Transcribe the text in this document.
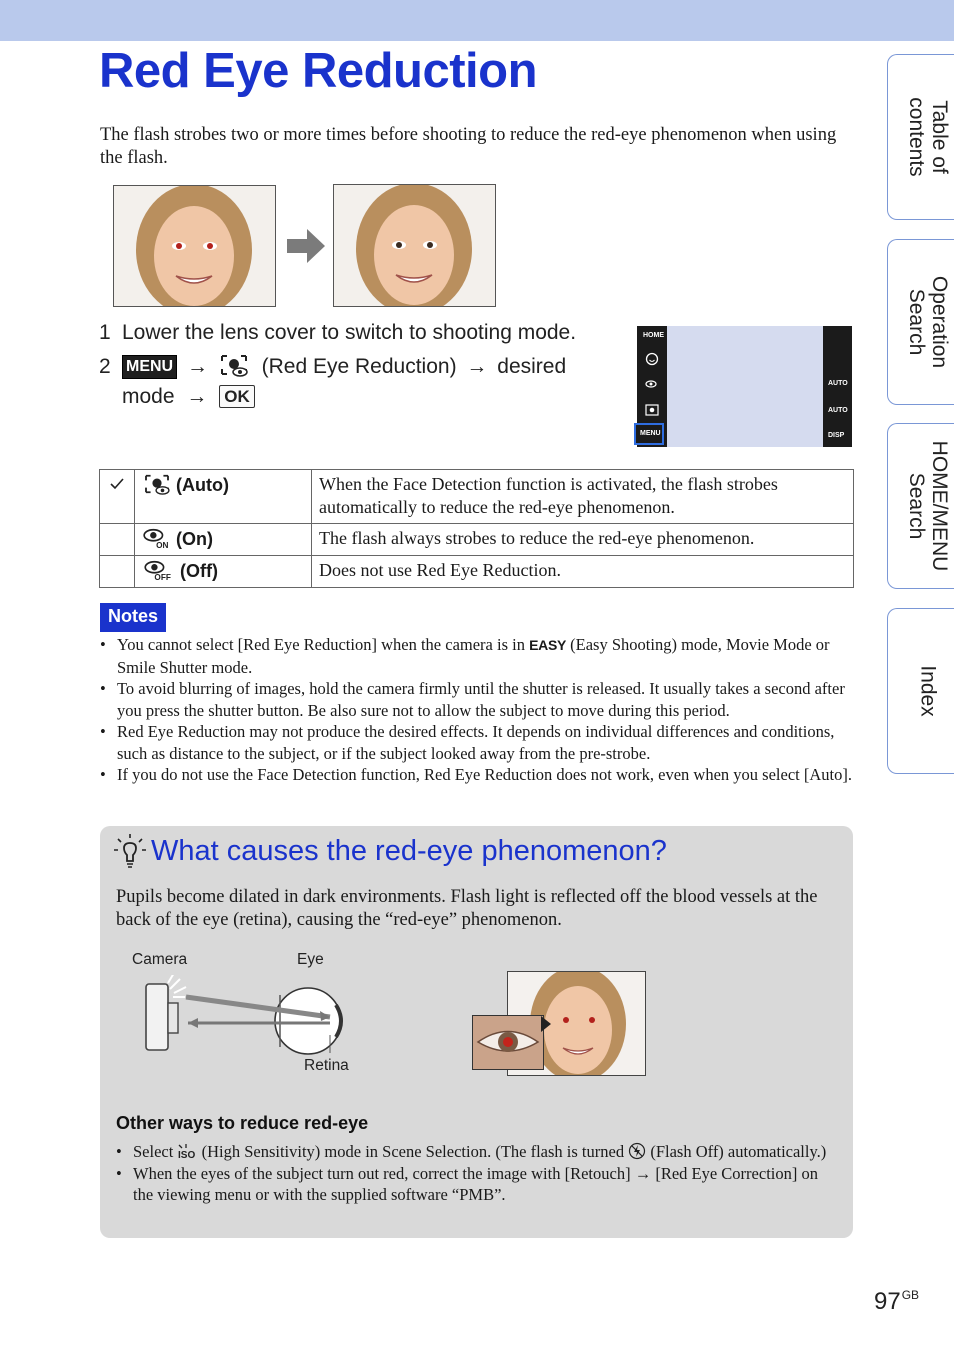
Red Eye Reduction
The flash strobes two or more times before shooting to reduce the red-eye phenomenon when using the flash.
1 Lower the lens cover to switch to shooting mode.
2 MENU →	(Red Eye Reduction) → desired
mode → OK
HOME
MENU
AUTO
AUTO
DISP
	(Auto)	When the Face Detection function is activated, the flash strobes automatically to reduce the red-eye phenomenon.

ON (On)	The flash always strobes to reduce the red-eye phenomenon.

OFF (Off)	Does not use Red Eye Reduction.
Notes
• You cannot select [Red Eye Reduction] when the camera is in EASY (Easy Shooting) mode, Movie Mode or Smile Shutter mode.
• To avoid blurring of images, hold the camera firmly until the shutter is released. It usually takes a second after you press the shutter button. Be also sure not to allow the subject to move during this period.
• Red Eye Reduction may not produce the desired effects. It depends on individual differences and conditions, such as distance to the subject, or if the subject looked away from the pre-strobe.
• If you do not use the Face Detection function, Red Eye Reduction does not work, even when you select [Auto].
What causes the red-eye phenomenon?
Pupils become dilated in dark environments. Flash light is reflected off the blood vessels at the back of the eye (retina), causing the “red-eye” phenomenon.
Camera	Eye
Retina
Other ways to reduce red-eye
• Select ISO (High Sensitivity) mode in Scene Selection. (The flash is turned  (Flash Off) automatically.)
• When the eyes of the subject turn out red, correct the image with [Retouch] → [Red Eye Correction] on the viewing menu or with the supplied software “PMB”.
Table of contents
Operation Search
HOME/MENU Search
Index
$97^{GB}$
